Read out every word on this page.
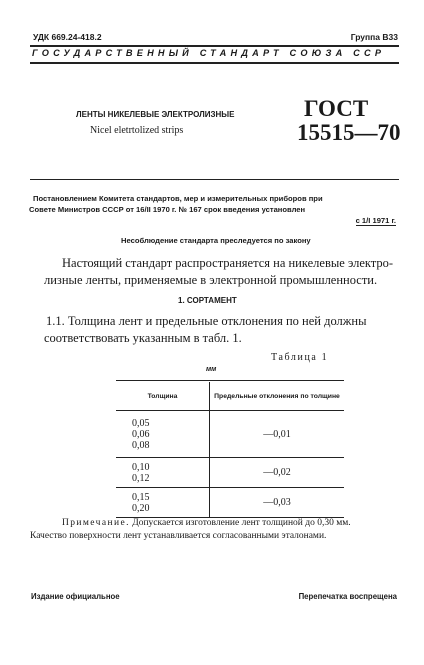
УДК 669.24-418.2	Группа В33
ГОСУДАРСТВЕННЫЙ СТАНДАРТ СОЮЗА ССР
ЛЕНТЫ НИКЕЛЕВЫЕ ЭЛЕКТРОЛИЗНЫЕ
Nicel eletrtolized strips
ГОСТ
15515—70
Постановлением Комитета стандартов, мер и измерительных приборов при
Совете Министров СССР от 16/II 1970 г. № 167 срок введения установлен
с 1/I 1971 г.
Несоблюдение стандарта преследуется по закону
Настоящий стандарт распространяется на никелевые электро-
лизные ленты, применяемые в электронной промышленности.
1. СОРТАМЕНТ
1.1. Толщина лент и предельные отклонения по ней должны
соответствовать указанным в табл. 1.
Таблица 1
мм
Толщина	Предельные отклонения по толщине

0,05
0,06
0,08	—0,01

0,10
0,12	—0,02

0,15
0,20	—0,03
Примечание. Допускается изготовление лент толщиной до 0,30 мм.
Качество поверхности лент устанавливается согласованными эталонами.
Издание официальное	Перепечатка воспрещена
